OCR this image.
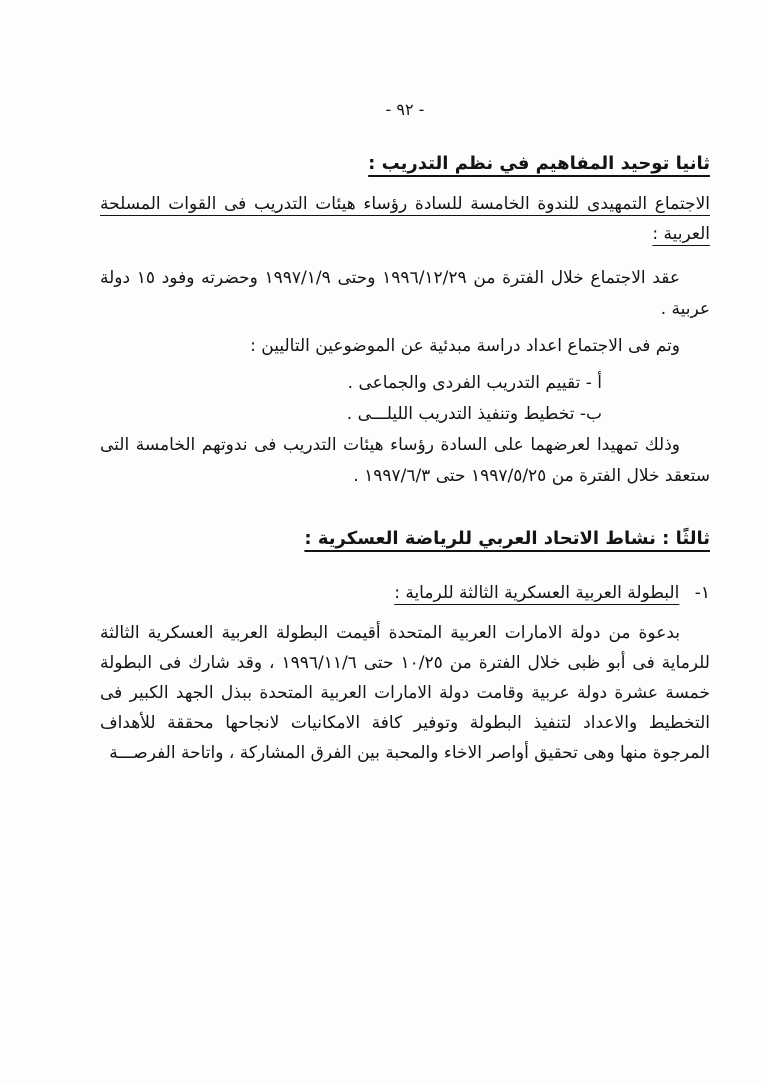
- ٩٢ -
ثانيا توحيد المفاهيم في نظم التدريب :

الاجتماع التمهيدى للندوة الخامسة للسادة رؤساء هيئات التدريب فى القوات المسلحة العربية :

عقد الاجتماع خلال الفترة من ١٩٩٦/١٢/٢٩ وحتى ١٩٩٧/١/٩ وحضرته وفود ١٥ دولة عربية .

وتم فى الاجتماع اعداد دراسة مبدئية عن الموضوعين التاليين :

أ - تقييم التدريب الفردى والجماعى .

ب- تخطيط وتنفيذ التدريب الليلـــى .

وذلك تمهيدا لعرضهما على السادة رؤساء هيئات التدريب فى ندوتهم الخامسة التى ستعقد خلال الفترة من ١٩٩٧/٥/٢٥ حتى ١٩٩٧/٦/٣ .

ثالثًا : نشاط الاتحاد العربي للرياضة العسكرية :

١- البطولة العربية العسكرية الثالثة للرماية :

بدعوة من دولة الامارات العربية المتحدة أقيمت البطولة العربية العسكرية الثالثة للرماية فى أبو ظبى خلال الفترة من ١٠/٢٥ حتى ١٩٩٦/١١/٦ ، وقد شارك فى البطولة خمسة عشرة دولة عربية وقامت دولة الامارات العربية المتحدة ببذل الجهد الكبير فى التخطيط والاعداد لتنفيذ البطولة وتوفير كافة الامكانيات لانجاحها محققة للأهداف المرجوة منها وهى تحقيق أواصر الاخاء والمحبة بين الفرق المشاركة ، واتاحة الفرصـــة
